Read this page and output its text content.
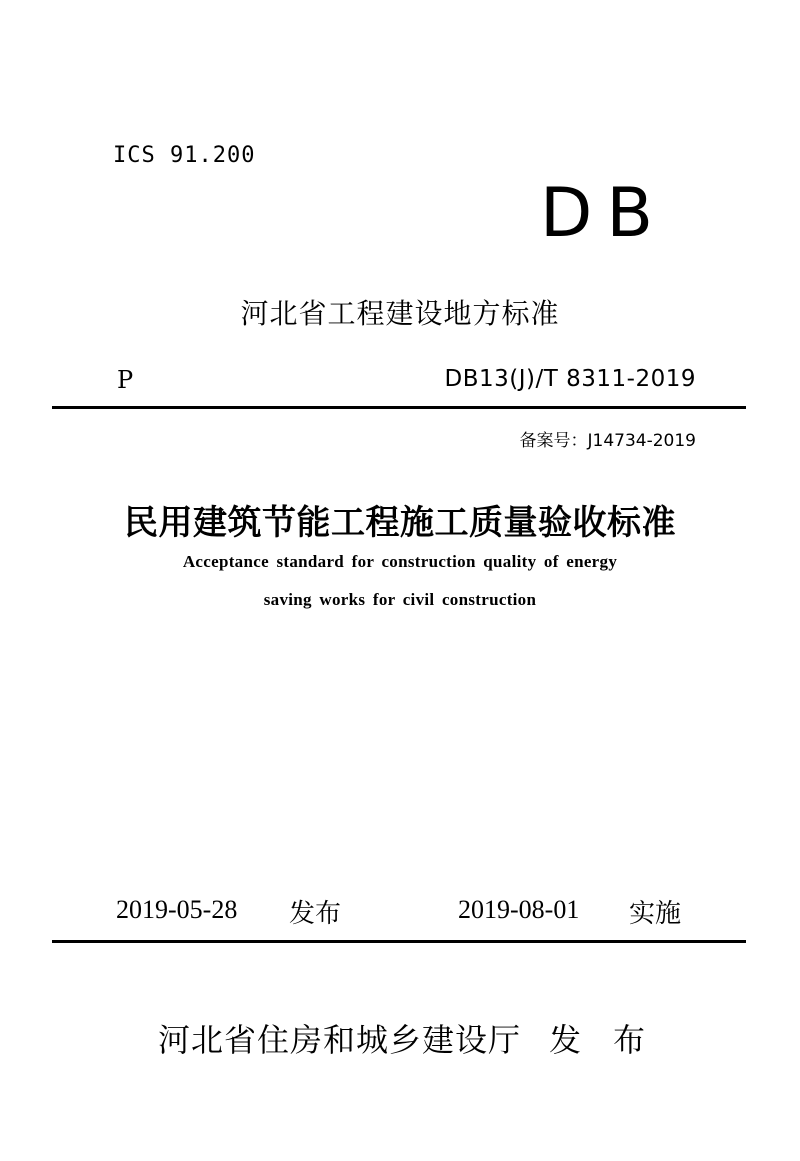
ICS 91.200
DB
河北省工程建设地方标准
P	DB13(J)/T 8311-2019
备案号：J14734-2019
民用建筑节能工程施工质量验收标准
Acceptance standard for construction quality of energy
saving works for civil construction
2019-05-28 发布	2019-08-01 实施
河北省住房和城乡建设厅 发 布
